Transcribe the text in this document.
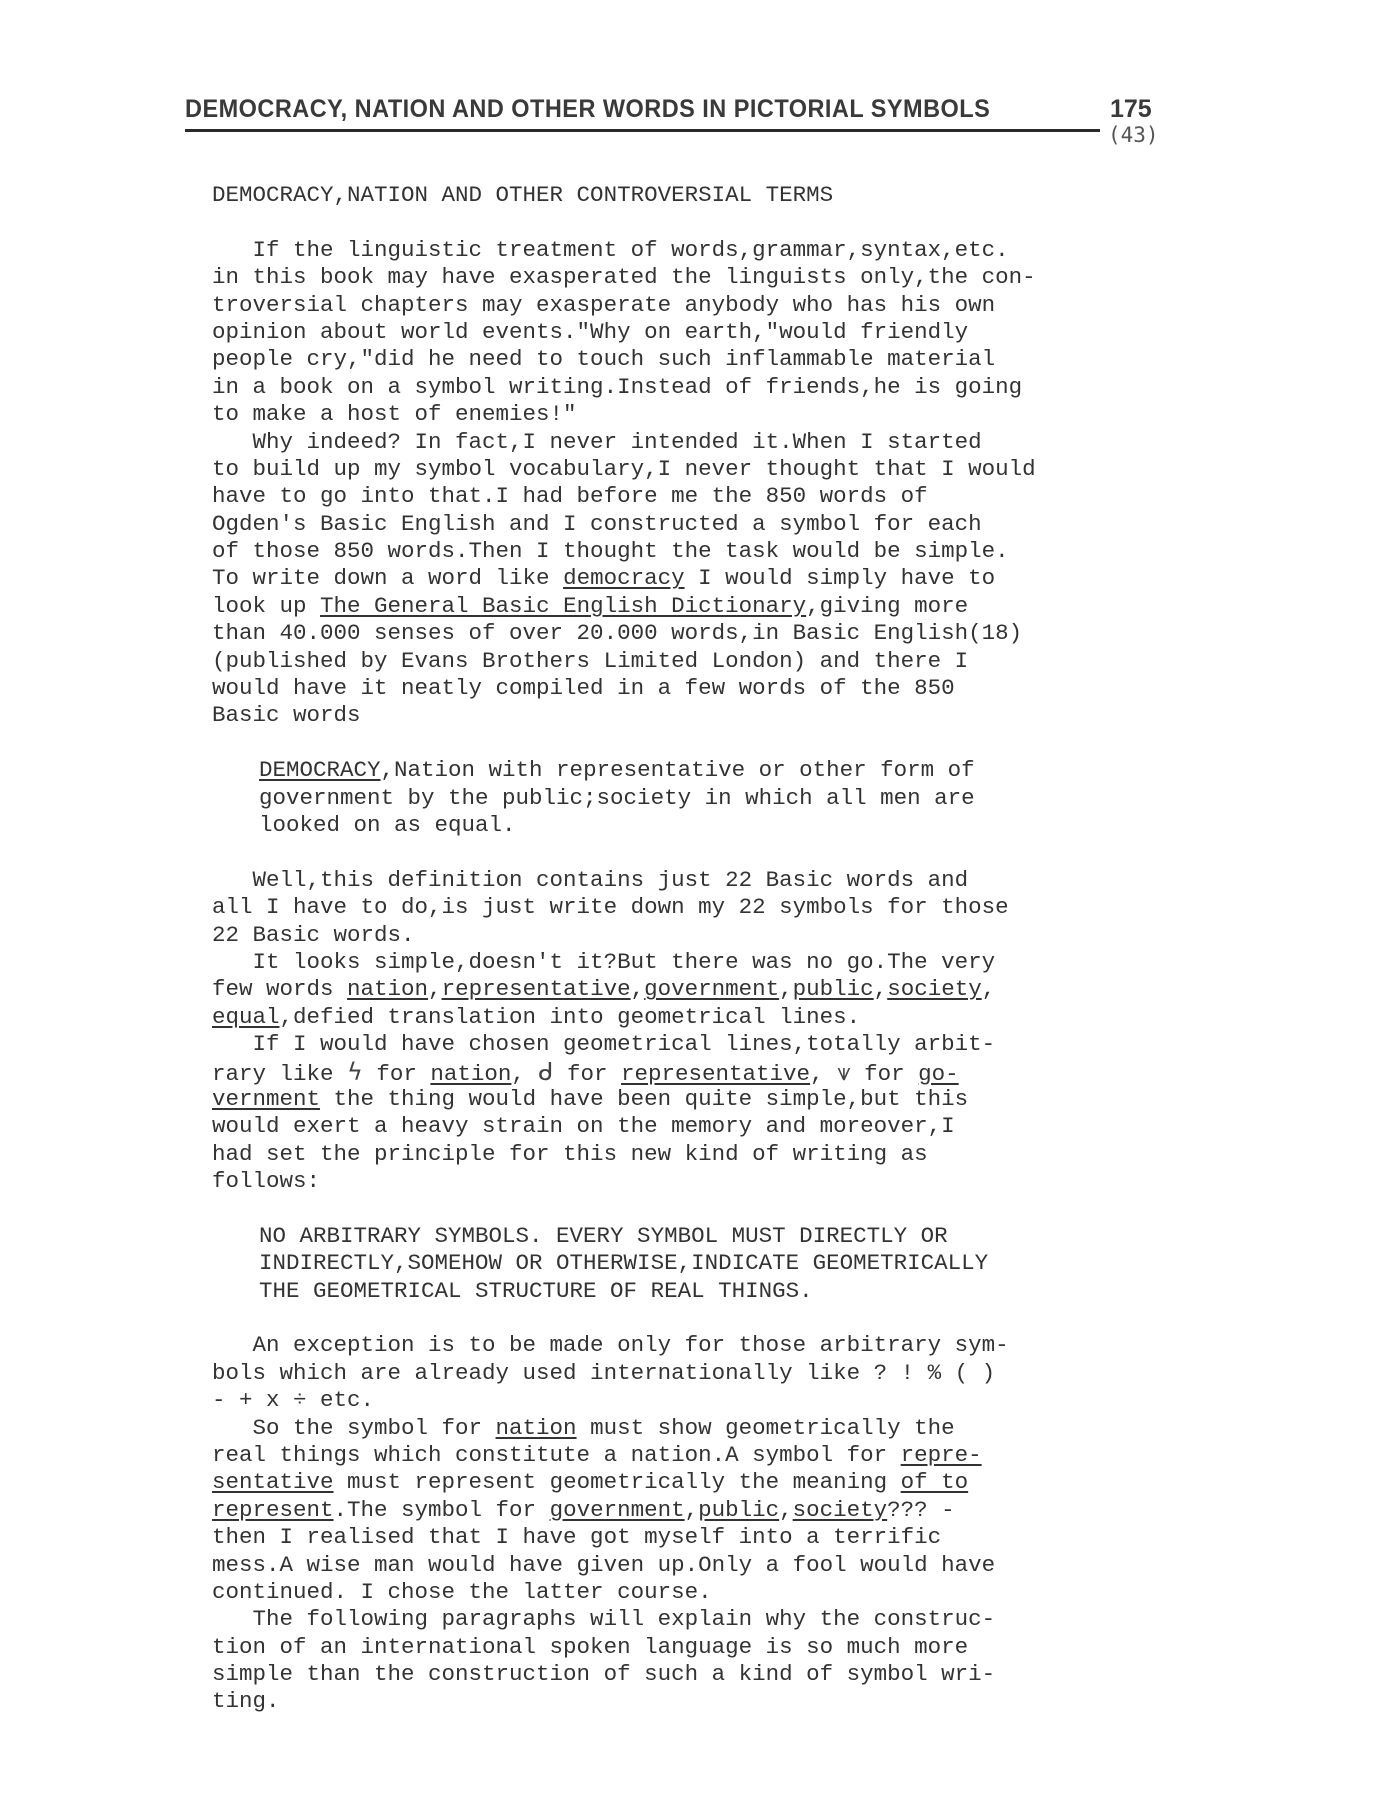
DEMOCRACY, NATION AND OTHER WORDS IN PICTORIAL SYMBOLS	175
(43)
DEMOCRACY,NATION AND OTHER CONTROVERSIAL TERMS
If the linguistic treatment of words,grammar,syntax,etc.
in this book may have exasperated the linguists only,the con-
troversial chapters may exasperate anybody who has his own
opinion about world events."Why on earth,"would friendly
people cry,"did he need to touch such inflammable material
in a book on a symbol writing.Instead of friends,he is going
to make a host of enemies!"
Why indeed? In fact,I never intended it.When I started
to build up my symbol vocabulary,I never thought that I would
have to go into that.I had before me the 850 words of
Ogden's Basic English and I constructed a symbol for each
of those 850 words.Then I thought the task would be simple.
To write down a word like democracy I would simply have to
look up The General Basic English Dictionary,giving more
than 40.000 senses of over 20.000 words,in Basic English(18)
(published by Evans Brothers Limited London) and there I
would have it neatly compiled in a few words of the 850
Basic words
DEMOCRACY,Nation with representative or other form of
government by the public;society in which all men are
looked on as equal.
Well,this definition contains just 22 Basic words and
all I have to do,is just write down my 22 symbols for those
22 Basic words.
It looks simple,doesn't it?But there was no go.The very
few words nation,representative,government,public,society,
equal,defied translation into geometrical lines.
If I would have chosen geometrical lines,totally arbit-
rary like ϟ for nation, ᑯ for representative, ⩛ for go-
vernment the thing would have been quite simple,but this
would exert a heavy strain on the memory and moreover,I
had set the principle for this new kind of writing as
follows:
NO ARBITRARY SYMBOLS. EVERY SYMBOL MUST DIRECTLY OR
INDIRECTLY,SOMEHOW OR OTHERWISE,INDICATE GEOMETRICALLY
THE GEOMETRICAL STRUCTURE OF REAL THINGS.
An exception is to be made only for those arbitrary sym-
bols which are already used internationally like ? ! % ( )
- + x ÷ etc.
So the symbol for nation must show geometrically the
real things which constitute a nation.A symbol for repre-
sentative must represent geometrically the meaning of to
represent.The symbol for government,public,society??? -
then I realised that I have got myself into a terrific
mess.A wise man would have given up.Only a fool would have
continued. I chose the latter course.
The following paragraphs will explain why the construc-
tion of an international spoken language is so much more
simple than the construction of such a kind of symbol wri-
ting.
